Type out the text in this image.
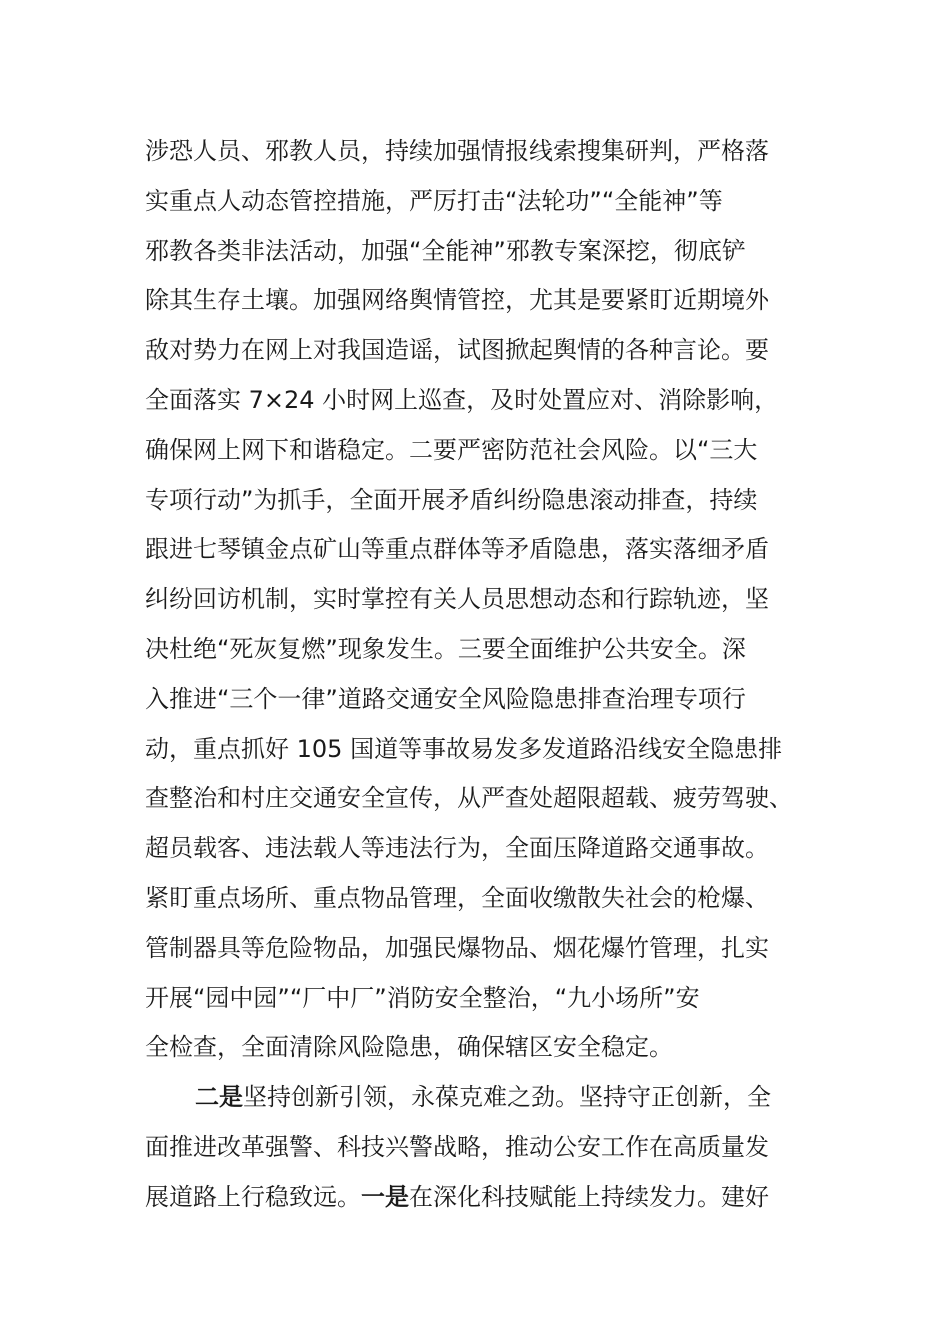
涉恐人员、邪教人员，持续加强情报线索搜集研判，严格落
实重点人动态管控措施，严厉打击“法轮功”“全能神”等
邪教各类非法活动，加强“全能神”邪教专案深挖，彻底铲
除其生存土壤。加强网络舆情管控，尤其是要紧盯近期境外
敌对势力在网上对我国造谣，试图掀起舆情的各种言论。要
全面落实 7×24 小时网上巡查，及时处置应对、消除影响，
确保网上网下和谐稳定。二要严密防范社会风险。以“三大
专项行动”为抓手，全面开展矛盾纠纷隐患滚动排查，持续
跟进七琴镇金点矿山等重点群体等矛盾隐患，落实落细矛盾
纠纷回访机制，实时掌控有关人员思想动态和行踪轨迹，坚
决杜绝“死灰复燃”现象发生。三要全面维护公共安全。深
入推进“三个一律”道路交通安全风险隐患排查治理专项行
动，重点抓好 105 国道等事故易发多发道路沿线安全隐患排
查整治和村庄交通安全宣传，从严查处超限超载、疲劳驾驶、
超员载客、违法载人等违法行为，全面压降道路交通事故。
紧盯重点场所、重点物品管理，全面收缴散失社会的枪爆、
管制器具等危险物品，加强民爆物品、烟花爆竹管理，扎实
开展“园中园”“厂中厂”消防安全整治，“九小场所”安
全检查，全面清除风险隐患，确保辖区安全稳定。
二是坚持创新引领，永葆克难之劲。坚持守正创新，全
面推进改革强警、科技兴警战略，推动公安工作在高质量发
展道路上行稳致远。一是在深化科技赋能上持续发力。建好
